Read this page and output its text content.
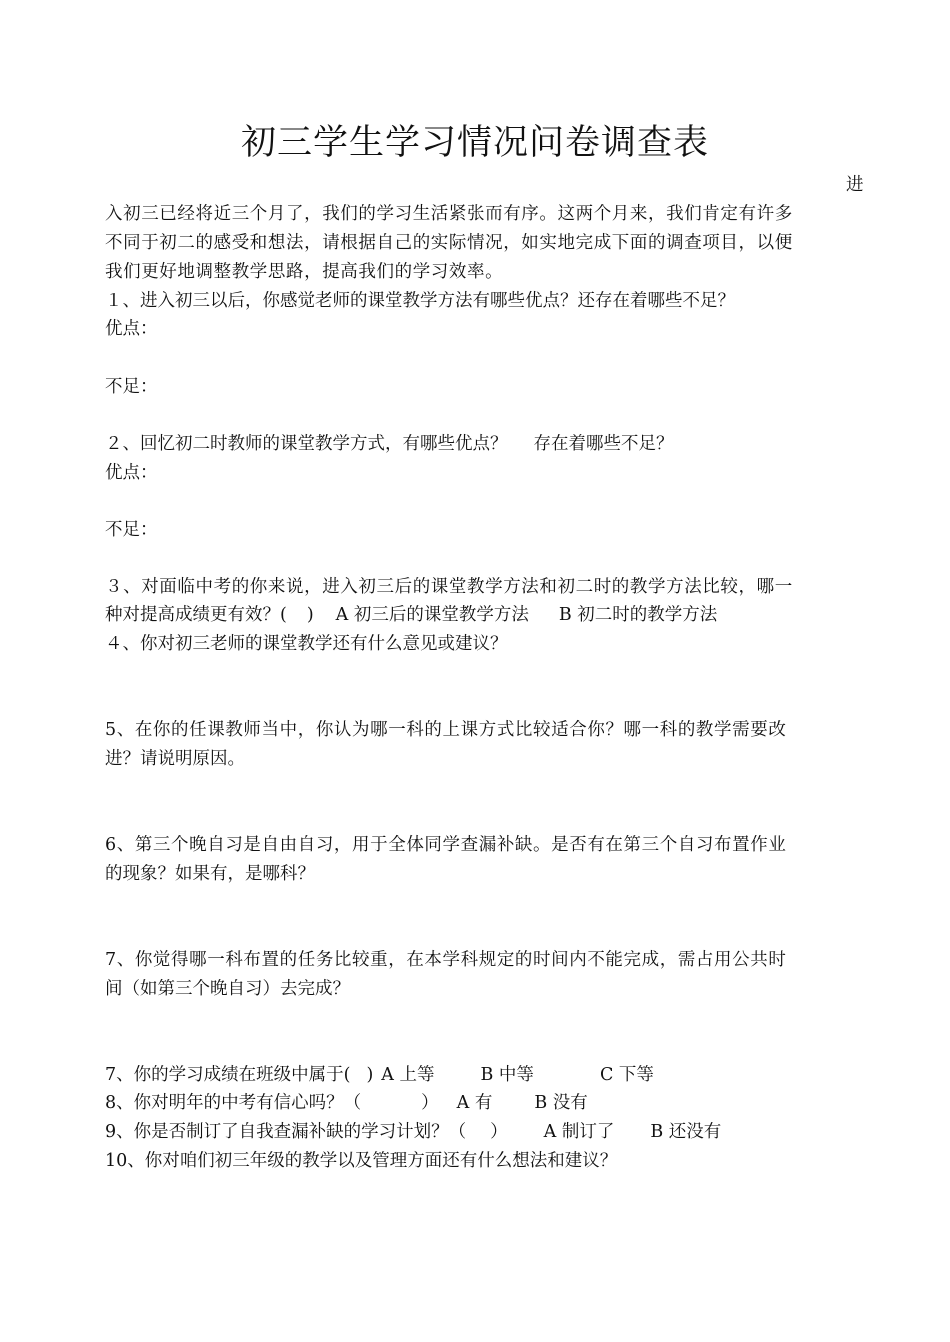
初三学生学习情况问卷调查表
进
入初三已经将近三个月了，我们的学习生活紧张而有序。这两个月来，我们肯定有许多
不同于初二的感受和想法，请根据自己的实际情况，如实地完成下面的调查项目，以便
我们更好地调整教学思路，提高我们的学习效率。
１、进入初三以后，你感觉老师的课堂教学方法有哪些优点？还存在着哪些不足？
优点：
不足：
２、回忆初二时教师的课堂教学方式，有哪些优点？ 存在着哪些不足？
优点：
不足：
３、对面临中考的你来说，进入初三后的课堂教学方法和初二时的教学方法比较，哪一
种对提高成绩更有效？( ) A 初三后的课堂教学方法 B 初二时的教学方法
４、你对初三老师的课堂教学还有什么意见或建议？
5、在你的任课教师当中，你认为哪一科的上课方式比较适合你？哪一科的教学需要改
进？请说明原因。
6、第三个晚自习是自由自习，用于全体同学查漏补缺。是否有在第三个自习布置作业
的现象？如果有，是哪科？
7、你觉得哪一科布置的任务比较重，在本学科规定的时间内不能完成，需占用公共时
间（如第三个晚自习）去完成？
7、你的学习成绩在班级中属于( ) A 上等	B 中等	C 下等
8、你对明年的中考有信心吗？（	） A 有 B 没有
9、你是否制订了自我查漏补缺的学习计划？（ ） A 制订了 B 还没有
10、你对咱们初三年级的教学以及管理方面还有什么想法和建议？
